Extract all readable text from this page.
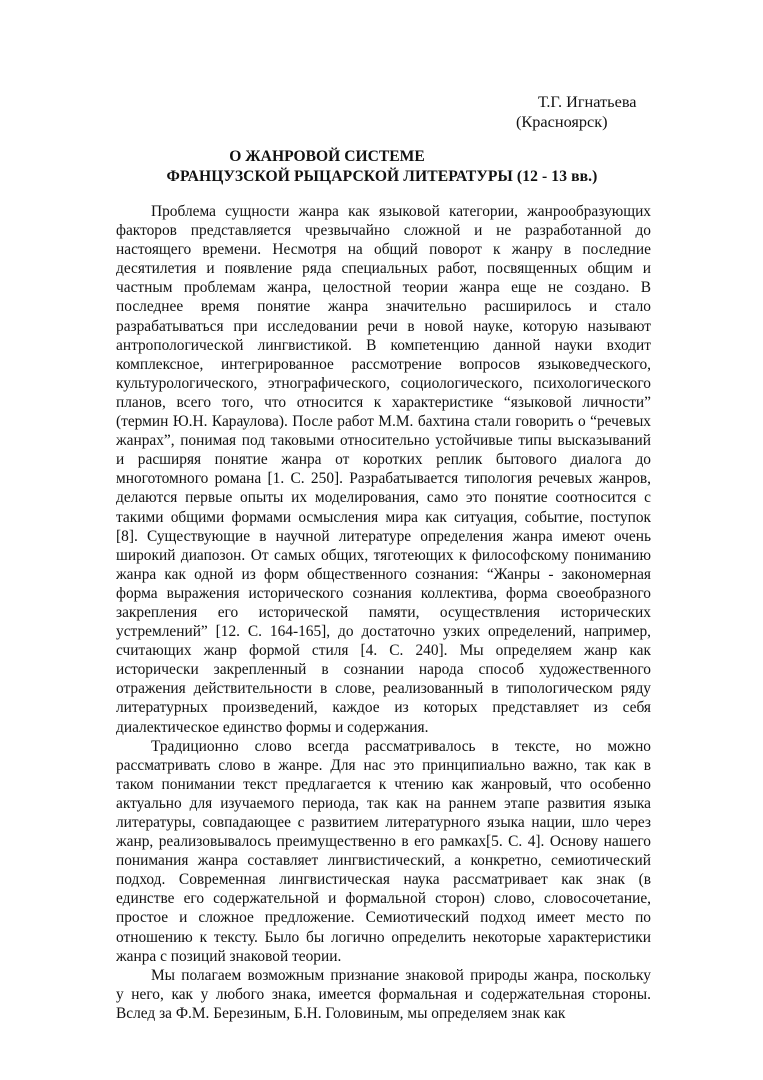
Т.Г. Игнатьева
(Красноярск)
О ЖАНРОВОЙ СИСТЕМЕ
ФРАНЦУЗСКОЙ РЫЦАРСКОЙ ЛИТЕРАТУРЫ (12 - 13 вв.)
Проблема сущности жанра как языковой категории, жанрообразующих
факторов представляется чрезвычайно сложной и не разработанной до
настоящего времени. Несмотря на общий поворот к жанру в последние
десятилетия и появление ряда специальных работ, посвященных общим и
частным проблемам жанра, целостной теории жанра еще не создано. В
последнее время понятие жанра значительно расширилось и стало
разрабатываться при исследовании речи в новой науке, которую называют
антропологической лингвистикой. В компетенцию данной науки входит
комплексное, интегрированное рассмотрение вопросов языковедческого,
культурологического, этнографического, социологического, психологического
планов, всего того, что относится к характеристике “языковой личности”
(термин Ю.Н. Караулова). После работ М.М. бахтина стали говорить о “речевых
жанрах”, понимая под таковыми относительно устойчивые типы высказываний
и расширяя понятие жанра от коротких реплик бытового диалога до
многотомного романа [1. С. 250]. Разрабатывается типология речевых жанров,
делаются первые опыты их моделирования, само это понятие соотносится с
такими общими формами осмысления мира как ситуация, событие, поступок
[8]. Существующие в научной литературе определения жанра имеют очень
широкий диапозон. От самых общих, тяготеющих к философскому пониманию
жанра как одной из форм общественного сознания: “Жанры - закономерная
форма выражения исторического сознания коллектива, форма своеобразного
закрепления его исторической памяти, осуществления исторических
устремлений” [12. С. 164-165], до достаточно узких определений, например,
считающих жанр формой стиля [4. С. 240]. Мы определяем жанр как
исторически закрепленный в сознании народа способ художественного
отражения действительности в слове, реализованный в типологическом ряду
литературных произведений, каждое из которых представляет из себя
диалектическое единство формы и содержания.
Традиционно слово всегда рассматривалось в тексте, но можно
рассматривать слово в жанре. Для нас это принципиально важно, так как в
таком понимании текст предлагается к чтению как жанровый, что особенно
актуально для изучаемого периода, так как на раннем этапе развития языка
литературы, совпадающее с развитием литературного языка нации, шло через
жанр, реализовывалось преимущественно в его рамках[5. С. 4]. Основу нашего
понимания жанра составляет лингвистический, а конкретно, семиотический
подход. Современная лингвистическая наука рассматривает как знак (в
единстве его содержательной и формальной сторон) слово, словосочетание,
простое и сложное предложение. Семиотический подход имеет место по
отношению к тексту. Было бы логично определить некоторые характеристики
жанра с позиций знаковой теории.
Мы полагаем возможным признание знаковой природы жанра, поскольку
у него, как у любого знака, имеется формальная и содержательная стороны.
Вслед за Ф.М. Березиным, Б.Н. Головиным, мы определяем знак как
